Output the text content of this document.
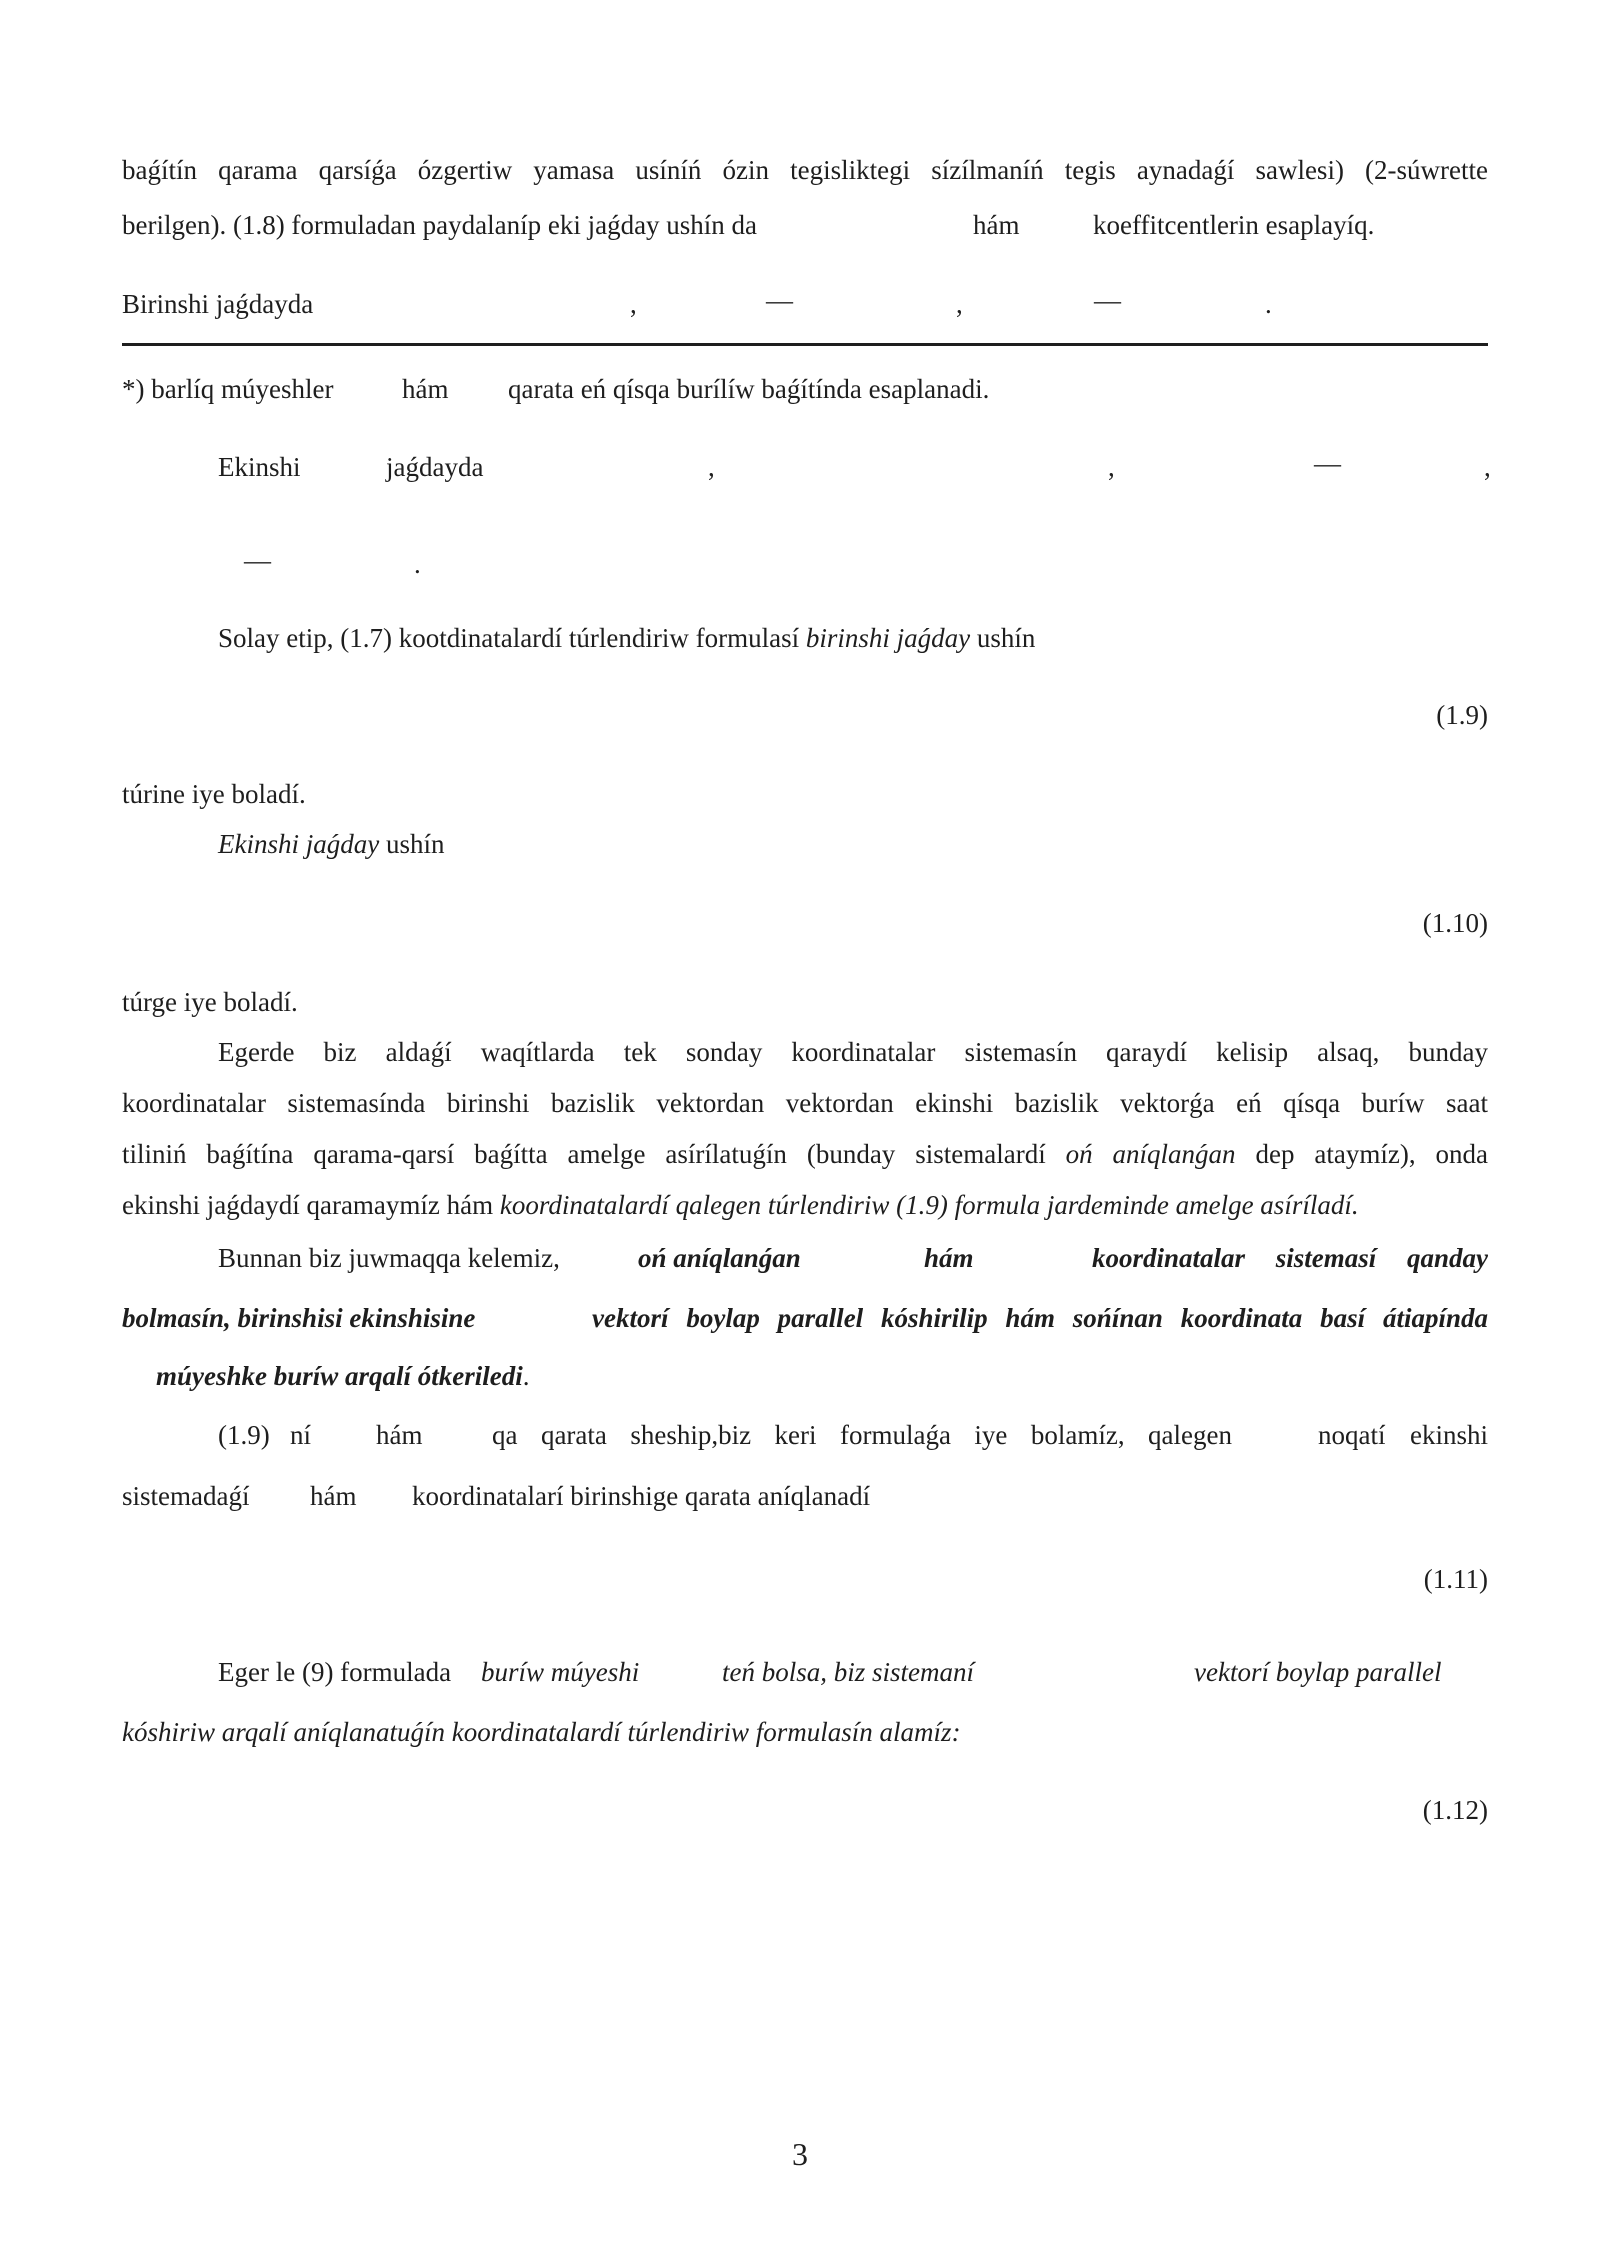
baǵítín qarama qarsíǵa ózgertiw yamasa usíníń ózin tegisliktegi sízílmaníń tegis aynadaǵí sawlesi) (2-súwrette
berilgen). (1.8) formuladan paydalaníp eki jaǵday ushín da	hám	koeffitcentlerin esaplayíq.
Birinshi jaǵdayda	,	—	,	—	.
*) barlíq múyeshler	hám qarata eń qísqa burílíw baǵítínda esaplanadi.
Ekinshi	jaǵdayda	,	,	—	,
—	.
Solay etip, (1.7) kootdinatalardí túrlendiriw formulasí birinshi jaǵday ushín
(1.9)
túrine iye boladí.
Ekinshi jaǵday ushín
(1.10)
túrge iye boladí.
Egerde biz aldaǵí waqítlarda tek sonday koordinatalar sistemasín qaraydí kelisip alsaq, bunday
koordinatalar sistemasínda birinshi bazislik vektordan vektordan ekinshi bazislik vektorǵa eń qísqa buríw saat
tiliniń baǵítína qarama-qarsí baǵítta amelge asírílatuǵín (bunday sistemalardí oń aníqlanǵan dep ataymíz), onda
ekinshi jaǵdaydí qaramaymíz hám koordinatalardí qalegen túrlendiriw (1.9) formula jardeminde amelge asíríladí.
Bunnan biz juwmaqqa kelemiz,	oń aníqlanǵan	hám	koordinatalar sistemasí qanday
bolmasín, birinshisi ekinshisine	vektorí boylap parallel kóshirilip hám sońínan koordinata basí átiapínda
múyeshke buríw arqalí ótkeriledi.
(1.9) ní hám	qa qarata sheship,biz keri formulaǵa iye bolamíz, qalegen	noqatí ekinshi
sistemadaǵí hám koordinatalarí birinshige qarata aníqlanadí
(1.11)
Eger le (9) formulada buríw múyeshi	teń bolsa, biz sistemaní	vektorí boylap parallel
kóshiriw arqalí aníqlanatuǵín koordinatalardí túrlendiriw formulasín alamíz:
(1.12)
3
